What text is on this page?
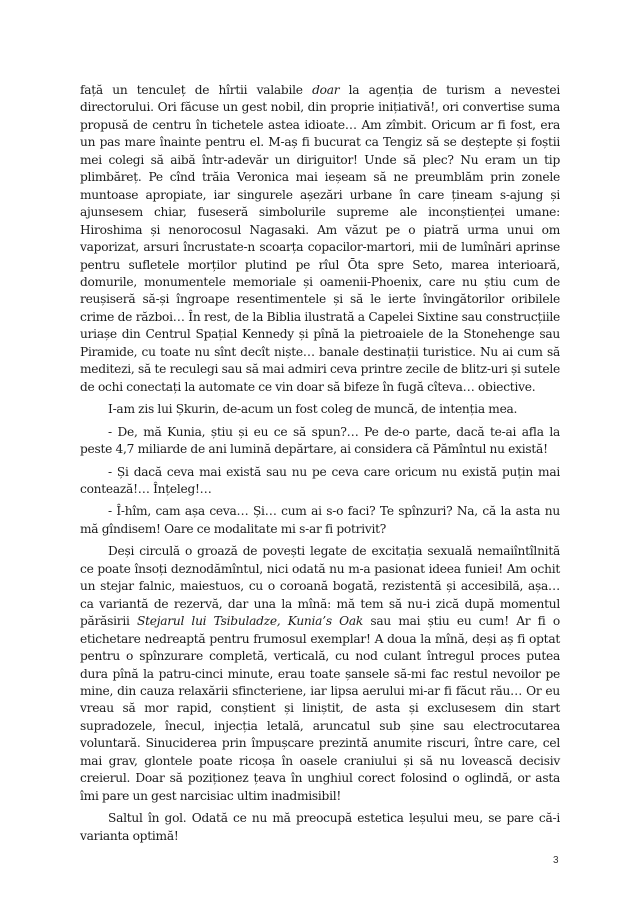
față un tenculeț de hîrtii valabile doar la agenția de turism a nevestei directorului. Ori făcuse un gest nobil, din proprie inițiativă!, ori convertise suma propusă de centru în tichetele astea idioate… Am zîmbit. Oricum ar fi fost, era un pas mare înainte pentru el. M-aș fi bucurat ca Tengiz să se deștepte și foștii mei colegi să aibă într-adevăr un diriguitor! Unde să plec? Nu eram un tip plimbăreț. Pe cînd trăia Veronica mai ieșeam să ne preumblăm prin zonele muntoase apropiate, iar singurele așezări urbane în care țineam s-ajung și ajunsesem chiar, fuseseră simbolurile supreme ale inconștienței umane: Hiroshima și nenorocosul Nagasaki. Am văzut pe o piatră urma unui om vaporizat, arsuri încrustate-n scoarța copacilor-martori, mii de lumînări aprinse pentru sufletele morților plutind pe rîul Ōta spre Seto, marea interioară, domurile, monumentele memoriale și oamenii-Phoenix, care nu știu cum de reușiseră să-și îngroape resentimentele și să le ierte învingătorilor oribilele crime de război… În rest, de la Biblia ilustrată a Capelei Sixtine sau construcțiile uriașe din Centrul Spațial Kennedy și pînă la pietroaiele de la Stonehenge sau Piramide, cu toate nu sînt decît niște… banale destinații turistice. Nu ai cum să meditezi, să te reculegi sau să mai admiri ceva printre zecile de blitz-uri și sutele de ochi conectați la automate ce vin doar să bifeze în fugă cîteva… obiective.

I-am zis lui Șkurin, de-acum un fost coleg de muncă, de intenția mea.

- De, mă Kunia, știu și eu ce să spun?… Pe de-o parte, dacă te-ai afla la peste 4,7 miliarde de ani lumină depărtare, ai considera că Pămîntul nu există!

- Și dacă ceva mai există sau nu pe ceva care oricum nu există puțin mai contează!… Înțeleg!…

- Î-hîm, cam așa ceva… Și… cum ai s-o faci? Te spînzuri? Na, că la asta nu mă gîndisem! Oare ce modalitate mi s-ar fi potrivit?

Deși circulă o groază de povești legate de excitația sexuală nemaiîntîlnită ce poate însoți deznodămîntul, nici odată nu m-a pasionat ideea funiei! Am ochit un stejar falnic, maiestuos, cu o coroană bogată, rezistentă și accesibilă, așa… ca variantă de rezervă, dar una la mînă: mă tem să nu-i zică după momentul părăsirii Stejarul lui Tsibuladze, Kunia’s Oak sau mai știu eu cum! Ar fi o etichetare nedreaptă pentru frumosul exemplar! A doua la mînă, deși aș fi optat pentru o spînzurare completă, verticală, cu nod culant întregul proces putea dura pînă la patru-cinci minute, erau toate șansele să-mi fac restul nevoilor pe mine, din cauza relaxării sfincteriene, iar lipsa aerului mi-ar fi făcut rău… Or eu vreau să mor rapid, conștient și liniștit, de asta și exclusesem din start supradozele, înecul, injecția letală, aruncatul sub șine sau electrocutarea voluntară. Sinuciderea prin împușcare prezintă anumite riscuri, între care, cel mai grav, glontele poate ricoșa în oasele craniului și să nu lovească decisiv creierul. Doar să poziționez țeava în unghiul corect folosind o oglindă, or asta îmi pare un gest narcisiac ultim inadmisibil!

Saltul în gol. Odată ce nu mă preocupă estetica leșului meu, se pare că-i varianta optimă!

3
